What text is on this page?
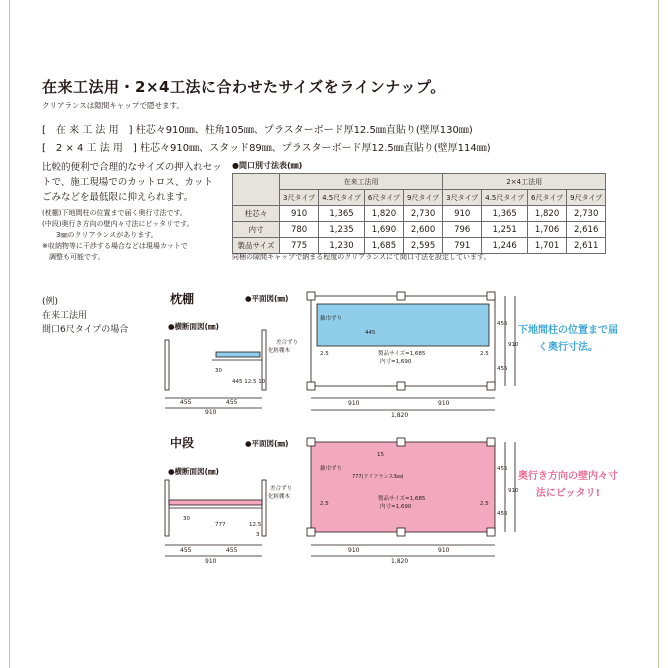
在来工法用・2×4工法に合わせたサイズをラインナップ。
クリアランスは隙間キャップで隠せます。
[　在 来 工 法 用　] 柱芯々910㎜、柱角105㎜、プラスターボード厚12.5㎜直貼り(壁厚130㎜)
[　2 × 4 工 法 用　] 柱芯々910㎜、スタッド89㎜、プラスターボード厚12.5㎜直貼り(壁厚114㎜)
比較的便利で合理的なサイズの押入れセットで、施工現場でのカットロス、カットごみなどを最低限に抑えられます。
(枕棚)下地間柱の位置まで届く奥行寸法です。
(中段)奥行き方向の壁内々寸法にピッタリです。
　　3㎜のクリアランスがあります。
※収納物等に干渉する場合などは現場カットで
　調整も可能です。
●間口別寸法表(㎜)
	在来工法用				2×4工法用			
	3尺タイプ	4.5尺タイプ	6尺タイプ	9尺タイプ	3尺タイプ	4.5尺タイプ	6尺タイプ	9尺タイプ
柱芯々	910	1,365	1,820	2,730	910	1,365	1,820	2,730
内寸	780	1,235	1,690	2,600	796	1,251	1,706	2,616
製品サイズ	775	1,230	1,685	2,595	791	1,246	1,701	2,611
同梱の隙間キャップで納まる程度のクリアランスにて間口寸法を設定しています。
(例)
在来工法用
間口6尺タイプの場合
枕棚	●平面図(㎜)
●横断面図(㎜)	下地間柱の位置まで届く奥行寸法。
差合ずり
化粧棚木
30
445 12.5 10
455	455
910
雑巾ずり
445
製品サイズ=1,685
内寸=1,690
2.5	2.5
910	910
1,820
455
455
910
差合ずり
化粧棚木
30
777	12.5
3
455	455
910
雑巾ずり
777(クリアランス3㎜)
製品サイズ=1,685
内寸=1,690
2.5	2.5
15
910	910
1,820
455
455
910
中段	●平面図(㎜)
●横断面図(㎜)	奥行き方向の壁内々寸法にピッタリ!
